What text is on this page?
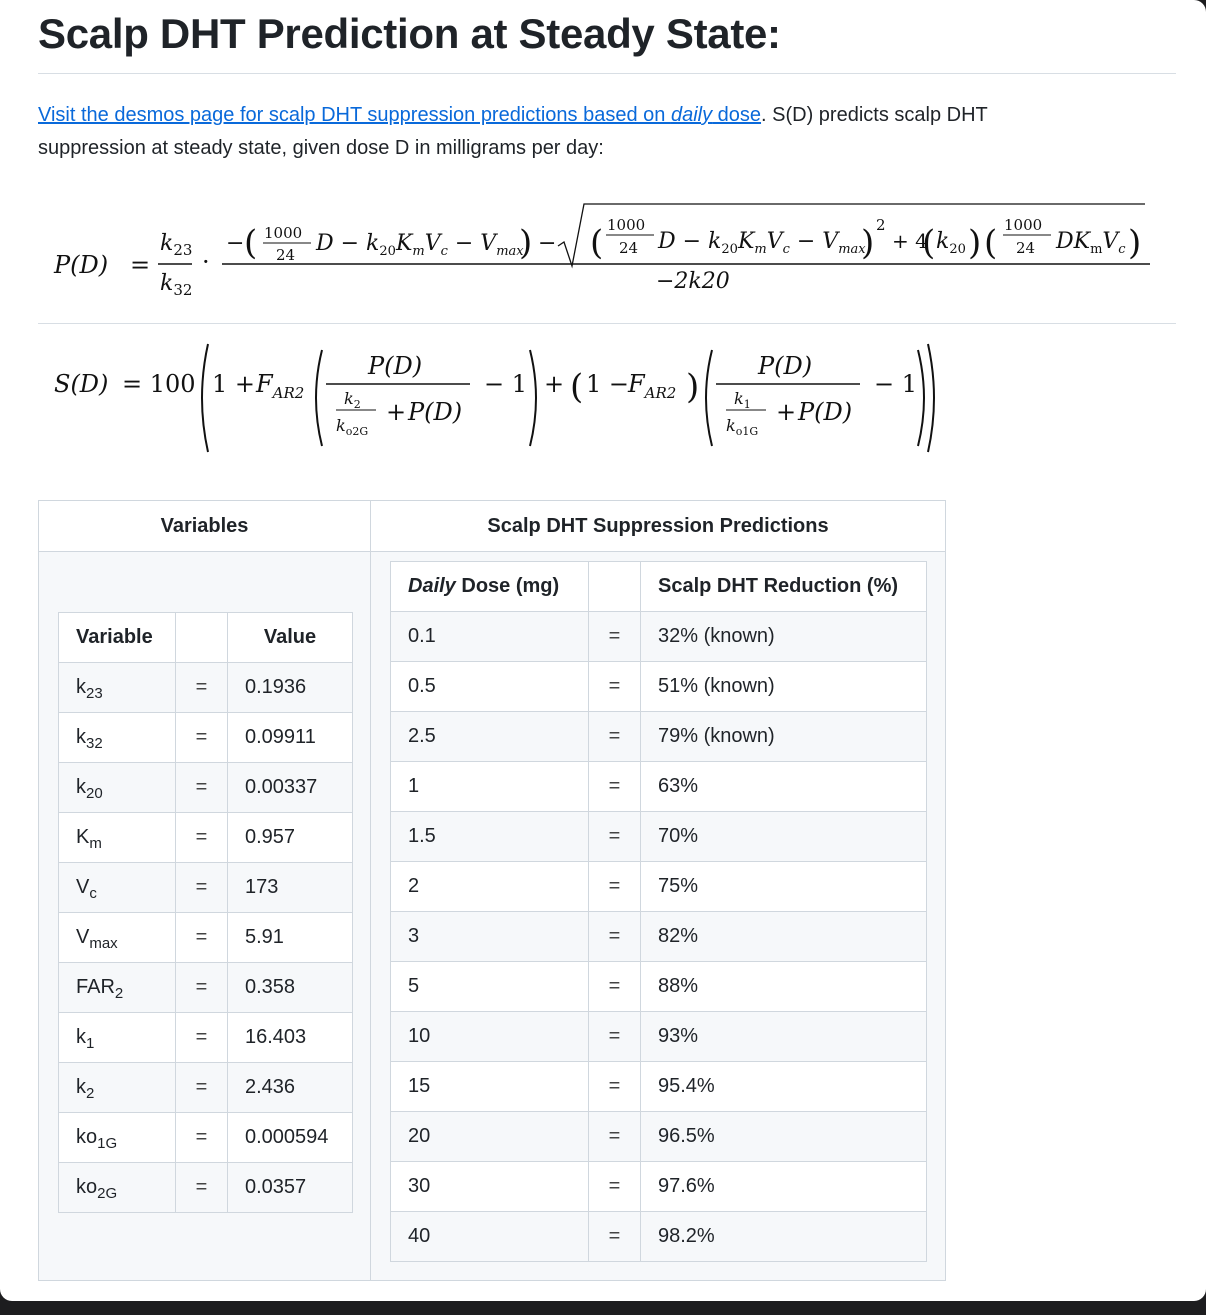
Scalp DHT Prediction at Steady State:

Visit the desmos page for scalp DHT suppression predictions based on daily dose. S(D) predicts scalp DHT
suppression at steady state, given dose D in milligrams per day:

P(D) =
$k_{23}$
$k_{32}$
·
− ( 1000
24 $D - k_{20}K_mV_c - V_{max}$
) − ( 1000
24 $D - k_{20}K_mV_c - V_{max}$
) 2
+ 4
( $k_{20}$ ) ( 1000
24 $DK_mV_c$ )
−2k20
S(D) = 100 $1 + F_{AR2}$
P(D)
$k_2$
$k_{o2G}$
+ P(D)
− 1 + ( 1 −
$F_{AR2}$ )
P(D)
$k_1$
$k_{o1G}$
+ P(D)
− 1
Variables	Scalp DHT Suppression Predictions
Variable		Value
$k_{23}$	=	0.1936
$k_{32}$	=	0.09911
$k_{20}$	=	0.00337
$K_m$	=	0.957
$V_c$	=	173
$V_{max}$	=	5.91
$FAR_2$	=	0.358
$k_1$	=	16.403
$k_2$	=	2.436
$ko_{1G}$	=	0.000594
$ko_{2G}$	=	0.0357
Daily Dose (mg)		Scalp DHT Reduction (%)
0.1	=	32% (known)
0.5	=	51% (known)
2.5	=	79% (known)
1	=	63%
1.5	=	70%
2	=	75%
3	=	82%
5	=	88%
10	=	93%
15	=	95.4%
20	=	96.5%
30	=	97.6%
40	=	98.2%
